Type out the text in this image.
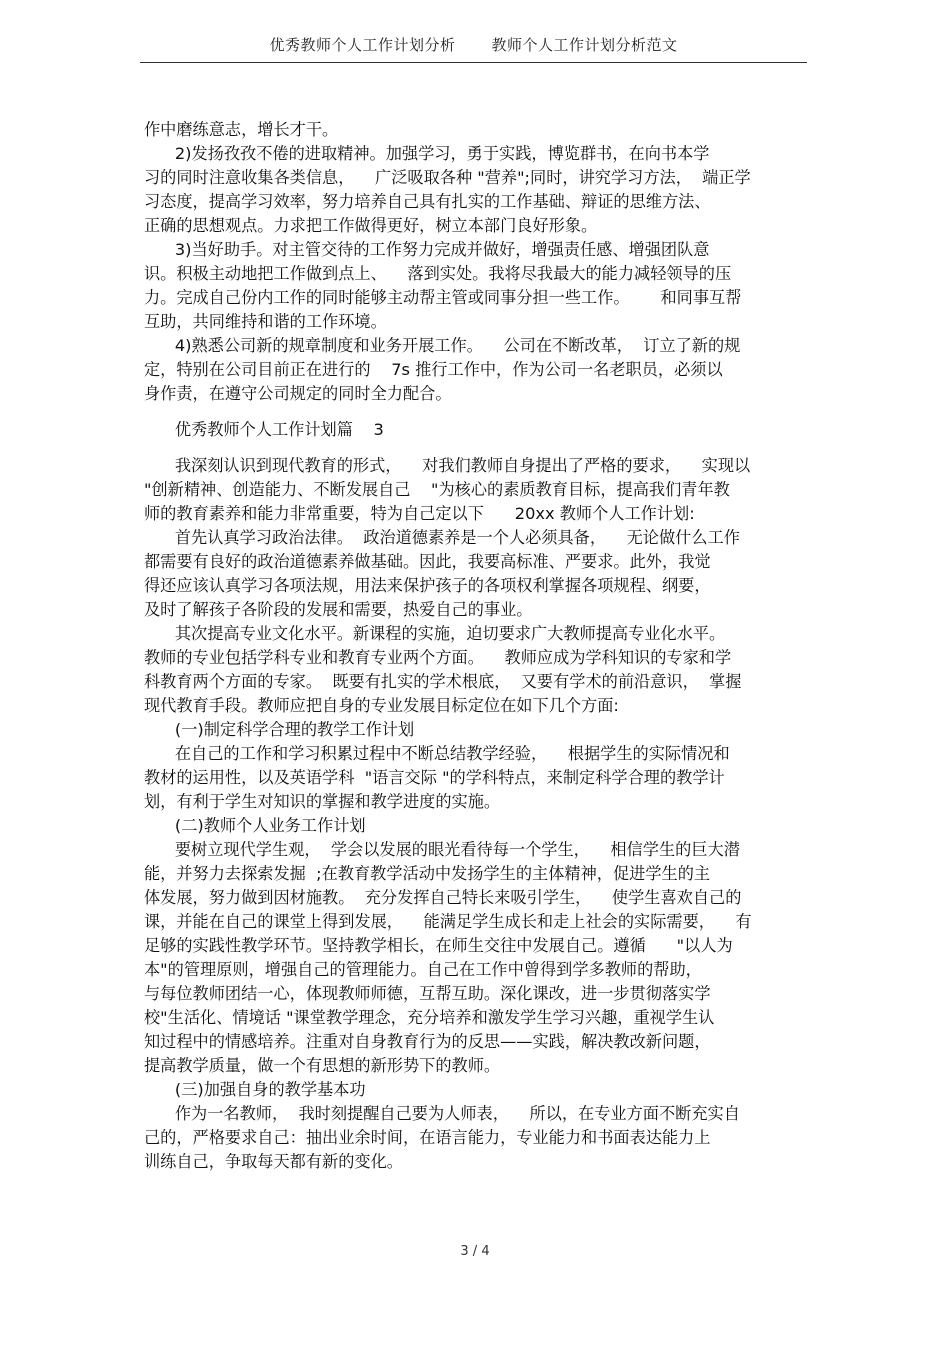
优秀教师个人工作计划分析 教师个人工作计划分析范文
作中磨练意志，增长才干。
2)发扬孜孜不倦的进取精神。加强学习，勇于实践，博览群书，在向书本学
习的同时注意收集各类信息，    广泛吸取各种 "营养";同时，讲究学习方法，  端正学
习态度，提高学习效率，努力培养自己具有扎实的工作基础、辩证的思维方法、
正确的思想观点。力求把工作做得更好，树立本部门良好形象。
3)当好助手。对主管交待的工作努力完成并做好，增强责任感、增强团队意
识。积极主动地把工作做到点上、    落到实处。我将尽我最大的能力减轻领导的压
力。完成自己份内工作的同时能够主动帮主管或同事分担一些工作。      和同事互帮
互助，共同维持和谐的工作环境。
4)熟悉公司新的规章制度和业务开展工作。    公司在不断改革，  订立了新的规
定，特别在公司目前正在进行的    7s 推行工作中，作为公司一名老职员，必须以
身作责，在遵守公司规定的同时全力配合。
优秀教师个人工作计划篇    3
我深刻认识到现代教育的形式，    对我们教师自身提出了严格的要求，    实现以
"创新精神、创造能力、不断发展自己    "为核心的素质教育目标，提高我们青年教
师的教育素养和能力非常重要，特为自己定以下      20xx 教师个人工作计划:
首先认真学习政治法律。  政治道德素养是一个人必须具备，    无论做什么工作
都需要有良好的政治道德素养做基础。因此，我要高标准、严要求。此外，我觉
得还应该认真学习各项法规，用法来保护孩子的各项权利掌握各项规程、纲要，
及时了解孩子各阶段的发展和需要，热爱自己的事业。
其次提高专业文化水平。新课程的实施，迫切要求广大教师提高专业化水平。
教师的专业包括学科专业和教育专业两个方面。    教师应成为学科知识的专家和学
科教育两个方面的专家。  既要有扎实的学术根底，  又要有学术的前沿意识，  掌握
现代教育手段。教师应把自身的专业发展目标定位在如下几个方面:
(一)制定科学合理的教学工作计划
在自己的工作和学习积累过程中不断总结教学经验，    根据学生的实际情况和
教材的运用性，以及英语学科  "语言交际 "的学科特点，来制定科学合理的教学计
划，有利于学生对知识的掌握和教学进度的实施。
(二)教师个人业务工作计划
要树立现代学生观，  学会以发展的眼光看待每一个学生，    相信学生的巨大潜
能，并努力去探索发掘  ;在教育教学活动中发扬学生的主体精神，促进学生的主
体发展，努力做到因材施教。  充分发挥自己特长来吸引学生，    使学生喜欢自己的
课，并能在自己的课堂上得到发展，    能满足学生成长和走上社会的实际需要，    有
足够的实践性教学环节。坚持教学相长，在师生交往中发展自己。遵循      "以人为
本"的管理原则，增强自己的管理能力。自己在工作中曾得到学多教师的帮助，
与每位教师团结一心，体现教师师德，互帮互助。深化课改，进一步贯彻落实学
校"生活化、情境话 "课堂教学理念，充分培养和激发学生学习兴趣，重视学生认
知过程中的情感培养。注重对自身教育行为的反思——实践，解决教改新问题，
提高教学质量，做一个有思想的新形势下的教师。
(三)加强自身的教学基本功
作为一名教师，  我时刻提醒自己要为人师表，    所以，在专业方面不断充实自
己的，严格要求自己：抽出业余时间，在语言能力，专业能力和书面表达能力上
训练自己，争取每天都有新的变化。
3 / 4
